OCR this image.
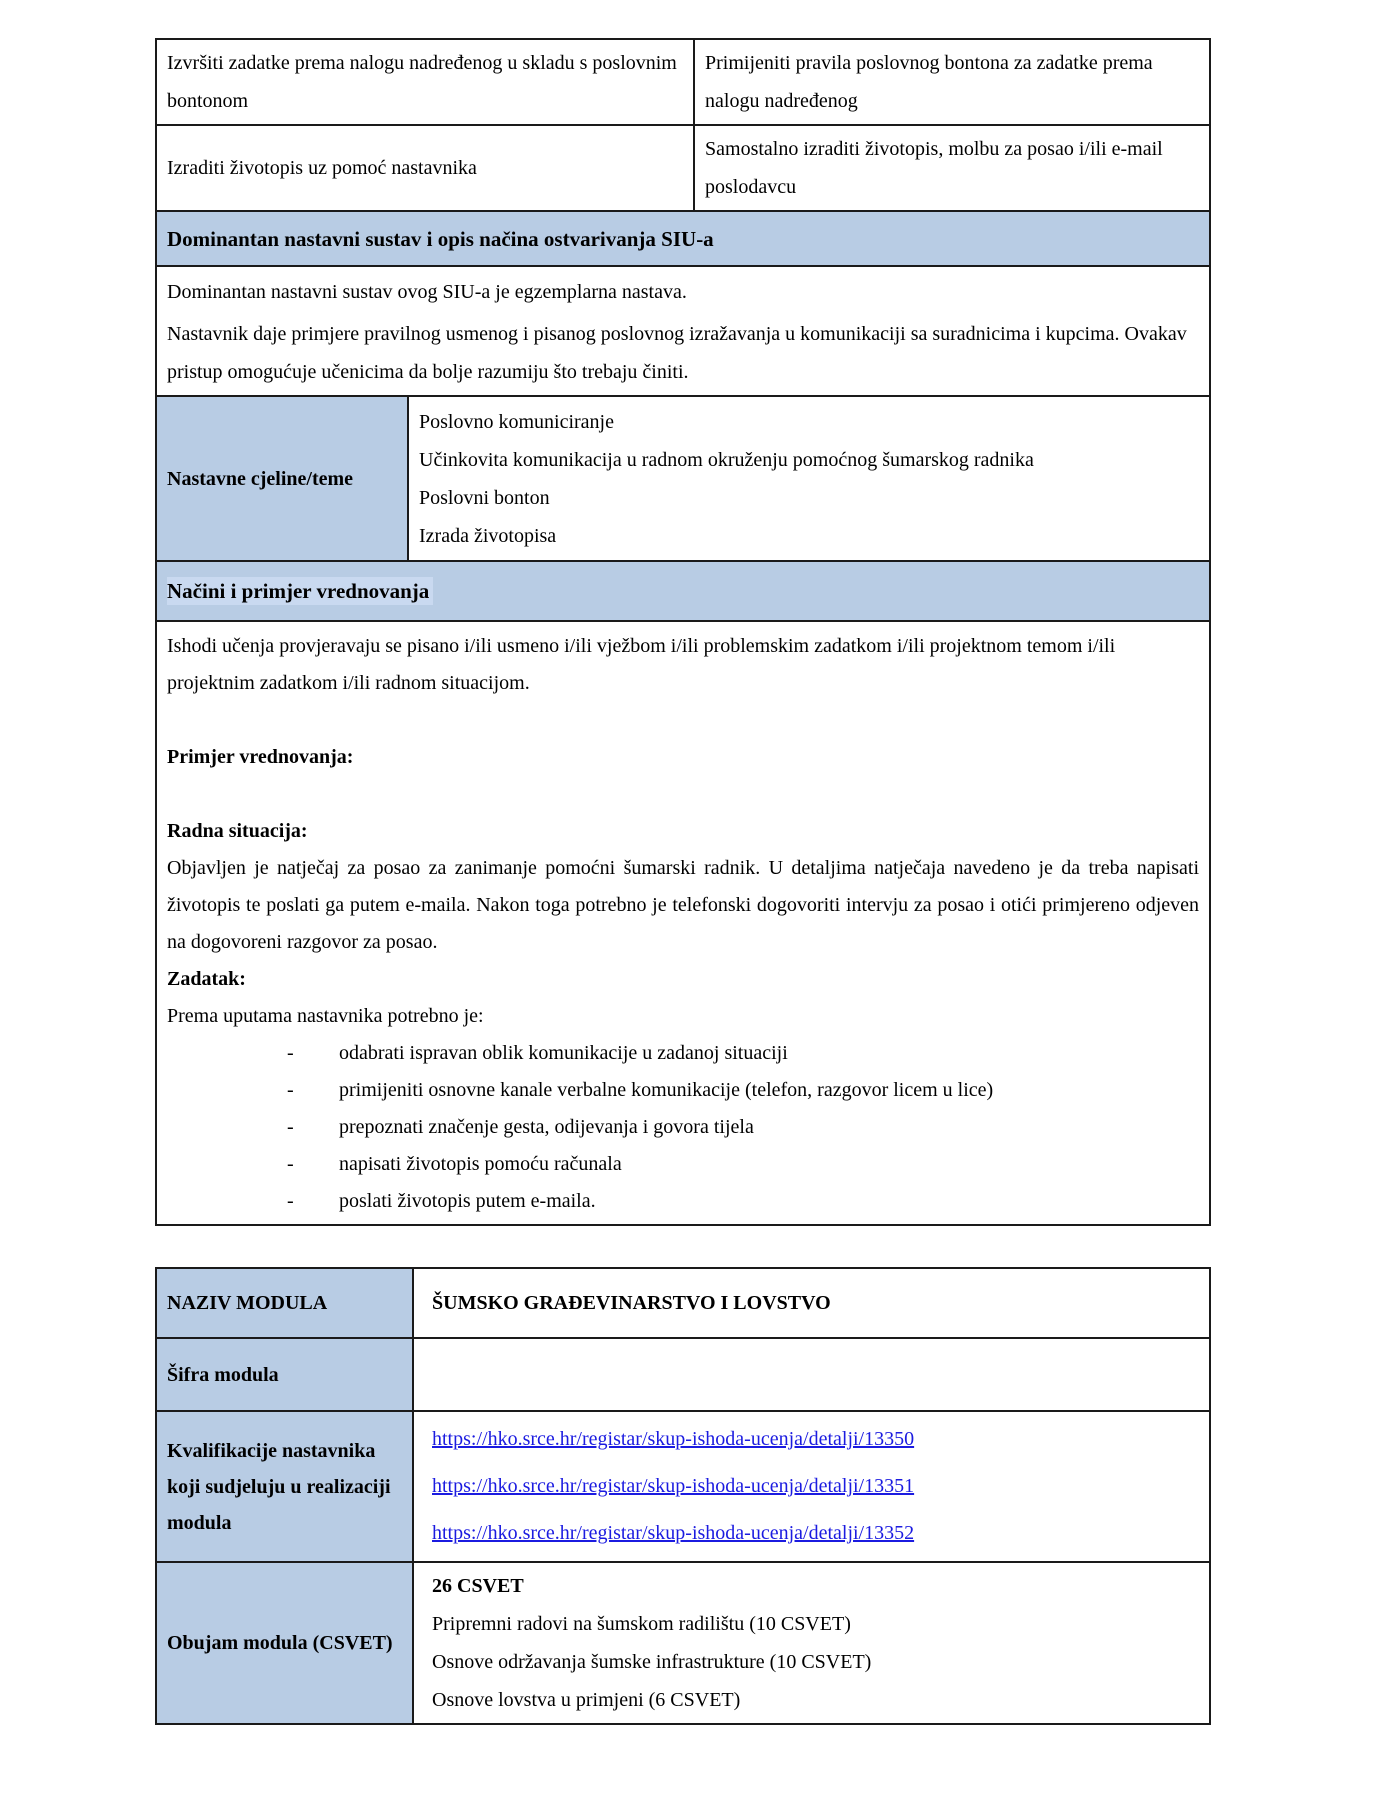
Izvršiti zadatke prema nalogu nadređenog u skladu s poslovnim bontonom		Primijeniti pravila poslovnog bontona za zadatke prema nalogu nadređenog
Izraditi životopis uz pomoć nastavnika		Samostalno izraditi životopis, molbu za posao i/ili e-mail poslodavcu
Dominantan nastavni sustav i opis načina ostvarivanja SIU-a		

Dominantan nastavni sustav ovog SIU-a je egzemplarna nastava.

Nastavnik daje primjere pravilnog usmenog i pisanog poslovnog izražavanja u komunikaciji sa suradnicima i kupcima. Ovakav pristup omogućuje učenicima da bolje razumiju što trebaju činiti.		

Nastavne cjeline/teme	Poslovno komuniciranje
Učinkovita komunikacija u radnom okruženju pomoćnog šumarskog radnika
Poslovni bonton
Izrada životopisa	

Načini i primjer vrednovanja		

Ishodi učenja provjeravaju se pisano i/ili usmeno i/ili vježbom i/ili problemskim zadatkom i/ili projektnom temom i/ili projektnim zadatkom i/ili radnom situacijom.

Primjer vrednovanja:

Radna situacija:

Objavljen je natječaj za posao za zanimanje pomoćni šumarski radnik. U detaljima natječaja navedeno je da treba napisati životopis te poslati ga putem e-maila. Nakon toga potrebno je telefonski dogovoriti intervju za posao i otići primjereno odjeven na dogovoreni razgovor za posao.

Zadatak:

Prema uputama nastavnika potrebno je:

- odabrati ispravan oblik komunikacije u zadanoj situaciji
- primijeniti osnovne kanale verbalne komunikacije (telefon, razgovor licem u lice)
- prepoznati značenje gesta, odijevanja i govora tijela
- napisati životopis pomoću računala
- poslati životopis putem e-maila.
NAZIV MODULA	ŠUMSKO GRAĐEVINARSTVO I LOVSTVO
Šifra modula	
Kvalifikacije nastavnika koji sudjeluju u realizaciji modula	https://hko.srce.hr/registar/skup-ishoda-ucenja/detalji/13350
https://hko.srce.hr/registar/skup-ishoda-ucenja/detalji/13351
https://hko.srce.hr/registar/skup-ishoda-ucenja/detalji/13352

Obujam modula (CSVET)	26 CSVET
Pripremni radovi na šumskom radilištu (10 CSVET)
Osnove održavanja šumske infrastrukture (10 CSVET)
Osnove lovstva u primjeni (6 CSVET)
